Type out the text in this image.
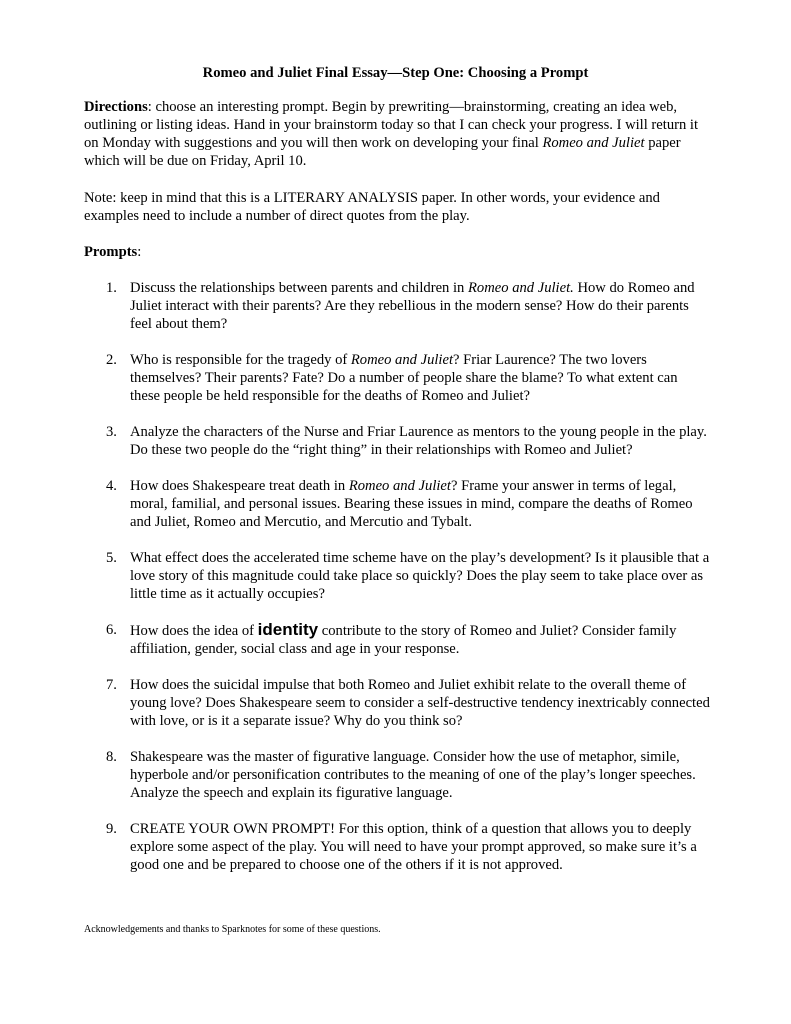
Romeo and Juliet Final Essay—Step One: Choosing a Prompt
Directions: choose an interesting prompt. Begin by prewriting—brainstorming, creating an idea web, outlining or listing ideas. Hand in your brainstorm today so that I can check your progress. I will return it on Monday with suggestions and you will then work on developing your final Romeo and Juliet paper which will be due on Friday, April 10.
Note: keep in mind that this is a LITERARY ANALYSIS paper. In other words, your evidence and examples need to include a number of direct quotes from the play.
Prompts:
1. Discuss the relationships between parents and children in Romeo and Juliet. How do Romeo and Juliet interact with their parents? Are they rebellious in the modern sense? How do their parents feel about them?
2. Who is responsible for the tragedy of Romeo and Juliet? Friar Laurence? The two lovers themselves? Their parents? Fate? Do a number of people share the blame? To what extent can these people be held responsible for the deaths of Romeo and Juliet?
3. Analyze the characters of the Nurse and Friar Laurence as mentors to the young people in the play. Do these two people do the “right thing” in their relationships with Romeo and Juliet?
4. How does Shakespeare treat death in Romeo and Juliet? Frame your answer in terms of legal, moral, familial, and personal issues. Bearing these issues in mind, compare the deaths of Romeo and Juliet, Romeo and Mercutio, and Mercutio and Tybalt.
5. What effect does the accelerated time scheme have on the play’s development? Is it plausible that a love story of this magnitude could take place so quickly? Does the play seem to take place over as little time as it actually occupies?
6. How does the idea of identity contribute to the story of Romeo and Juliet? Consider family affiliation, gender, social class and age in your response.
7. How does the suicidal impulse that both Romeo and Juliet exhibit relate to the overall theme of young love? Does Shakespeare seem to consider a self-destructive tendency inextricably connected with love, or is it a separate issue? Why do you think so?
8. Shakespeare was the master of figurative language. Consider how the use of metaphor, simile, hyperbole and/or personification contributes to the meaning of one of the play’s longer speeches. Analyze the speech and explain its figurative language.
9. CREATE YOUR OWN PROMPT! For this option, think of a question that allows you to deeply explore some aspect of the play. You will need to have your prompt approved, so make sure it’s a good one and be prepared to choose one of the others if it is not approved.
Acknowledgements and thanks to Sparknotes for some of these questions.
